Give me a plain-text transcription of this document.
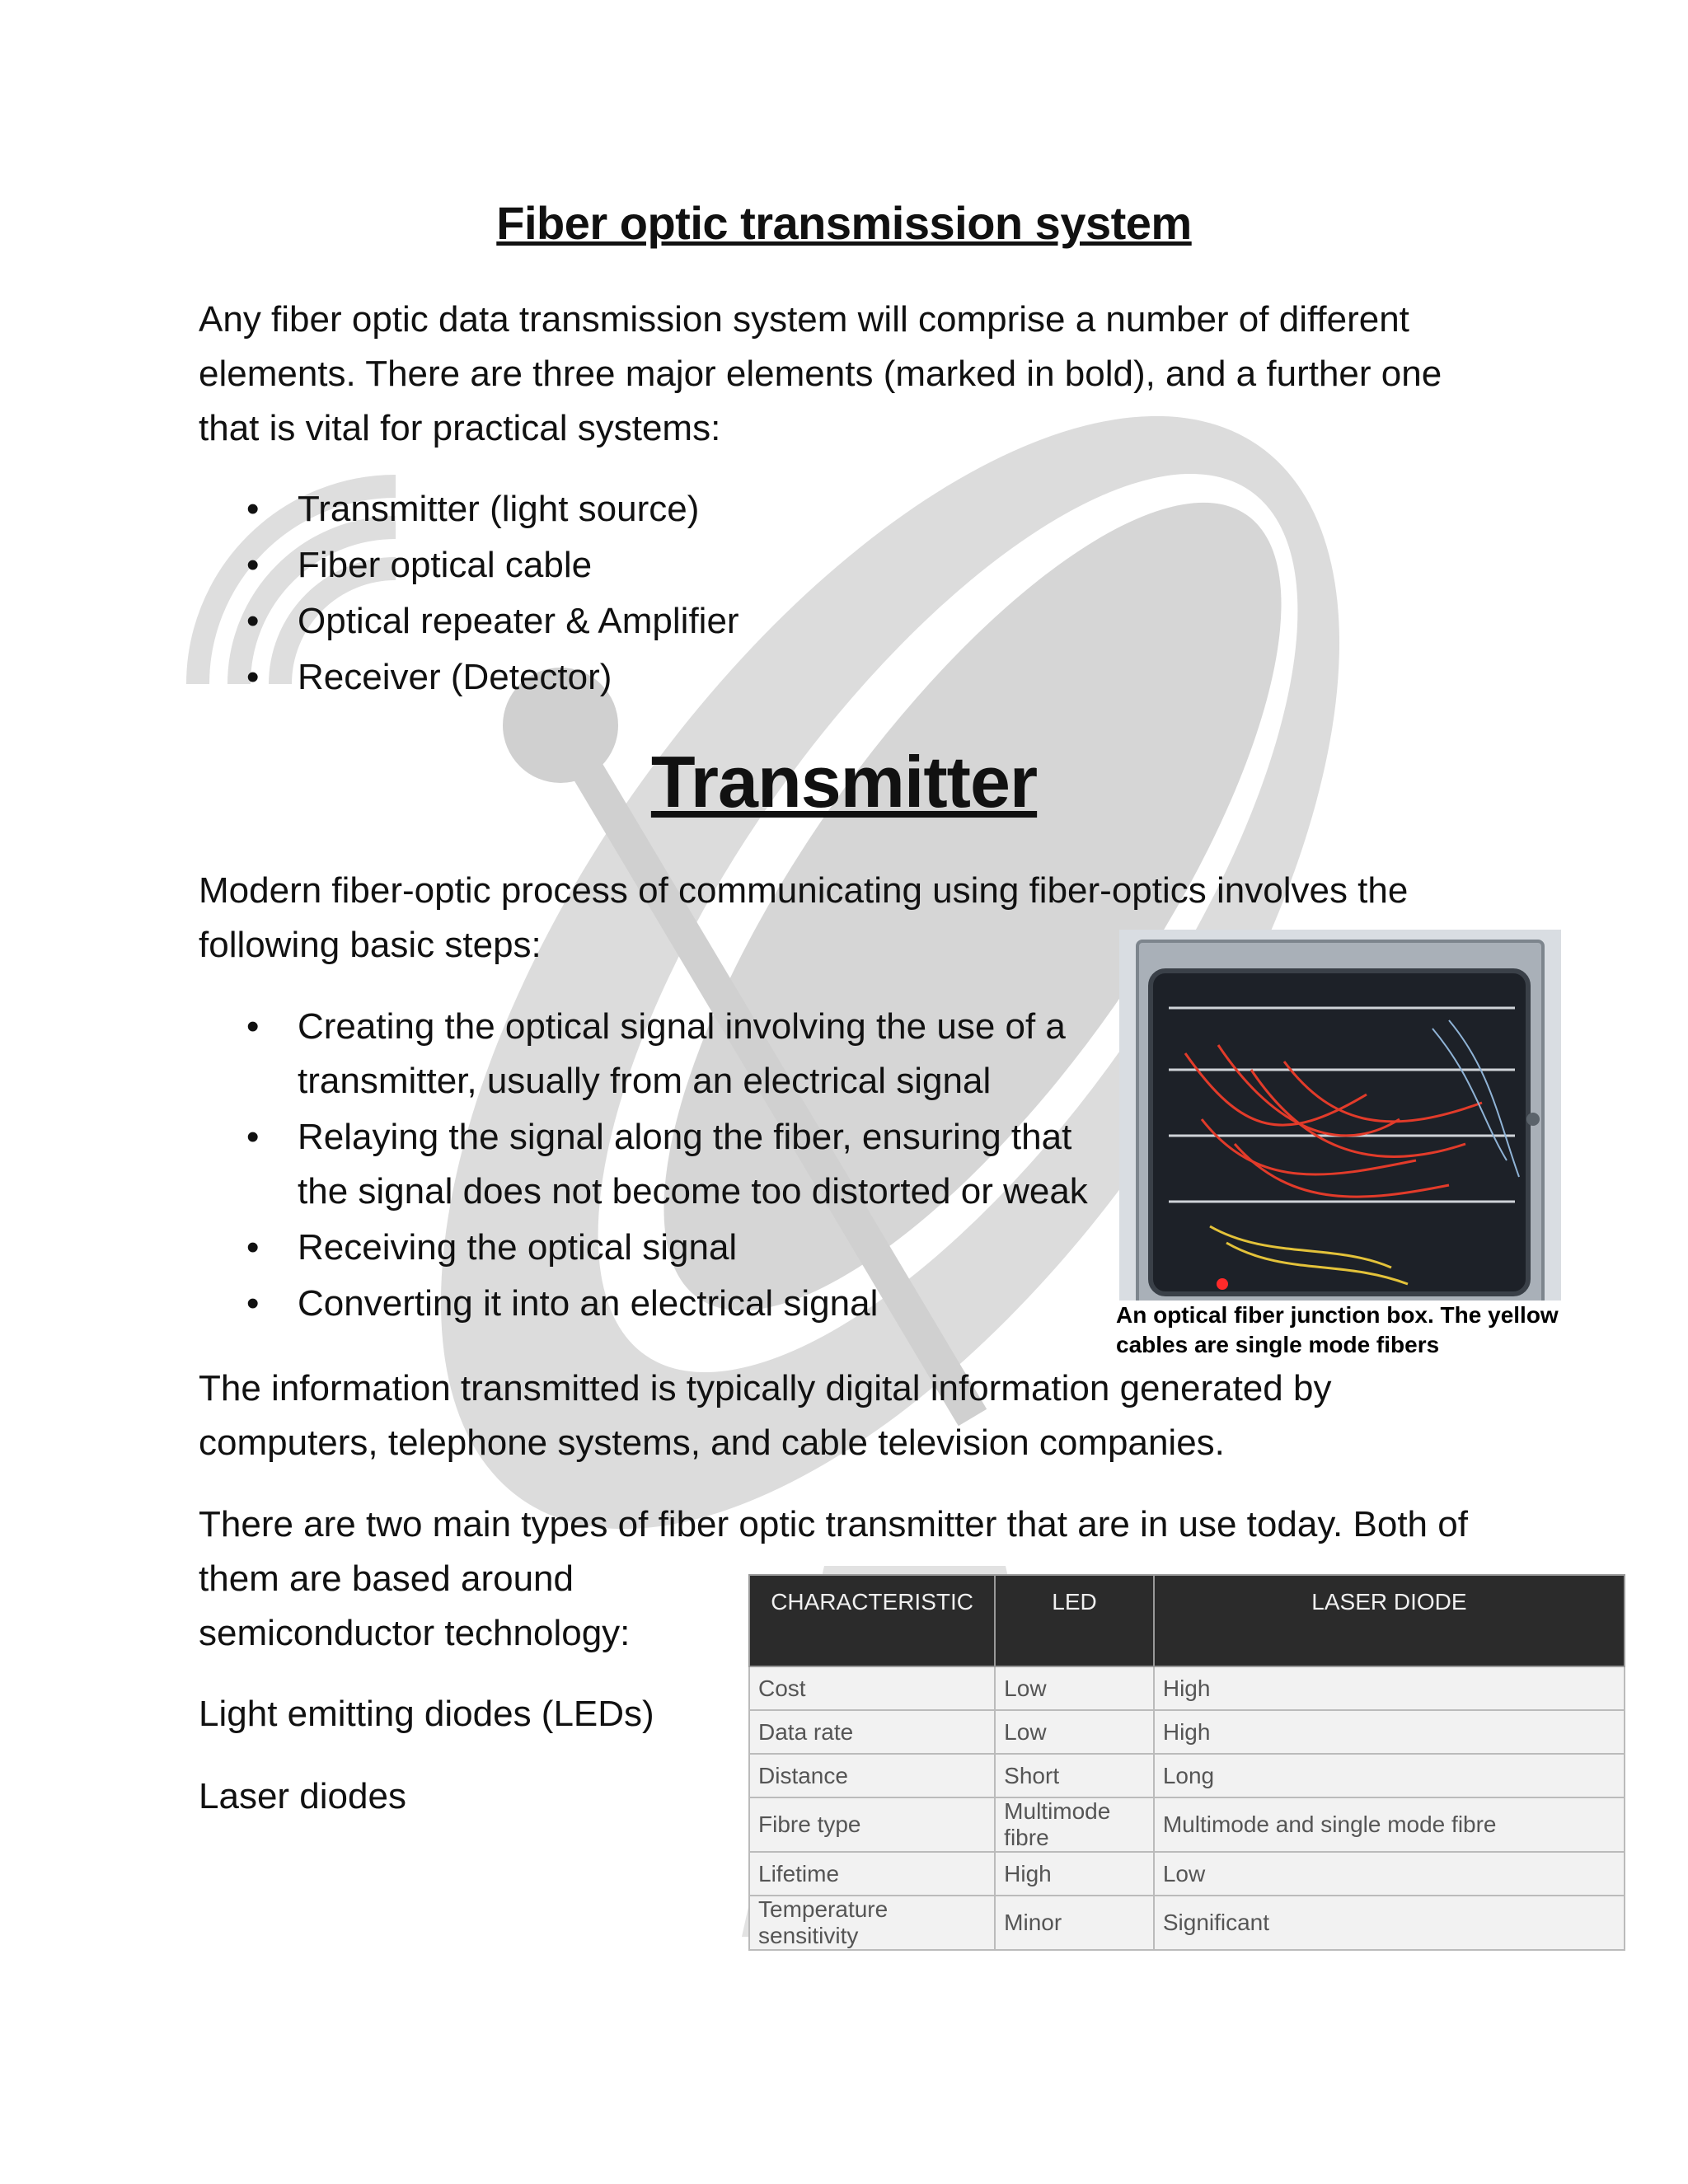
Fiber optic transmission system

Any fiber optic data transmission system will comprise a number of different elements. There are three major elements (marked in bold), and a further one that is vital for practical systems:

• Transmitter (light source)
• Fiber optical cable
• Optical repeater & Amplifier
• Receiver (Detector)
Transmitter

Modern fiber-optic process of communicating using fiber-optics involves the following basic steps:

• Creating the optical signal involving the use of a transmitter, usually from an electrical signal
• Relaying the signal along the fiber, ensuring that the signal does not become too distorted or weak
• Receiving the optical signal
• Converting it into an electrical signal	An optical fiber junction box. The yellow cables are single mode fibers

The information transmitted is typically digital information generated by computers, telephone systems, and cable television companies.

There are two main types of fiber optic transmitter that are in use today. Both of

them are based around

semiconductor technology:

Light emitting diodes (LEDs)

Laser diodes

CHARACTERISTIC	LED	LASER DIODE
Cost	Low	High
Data rate	Low	High
Distance	Short	Long
Fibre type	Multimode fibre	Multimode and single mode fibre
Lifetime	High	Low
Temperature sensitivity	Minor	Significant
